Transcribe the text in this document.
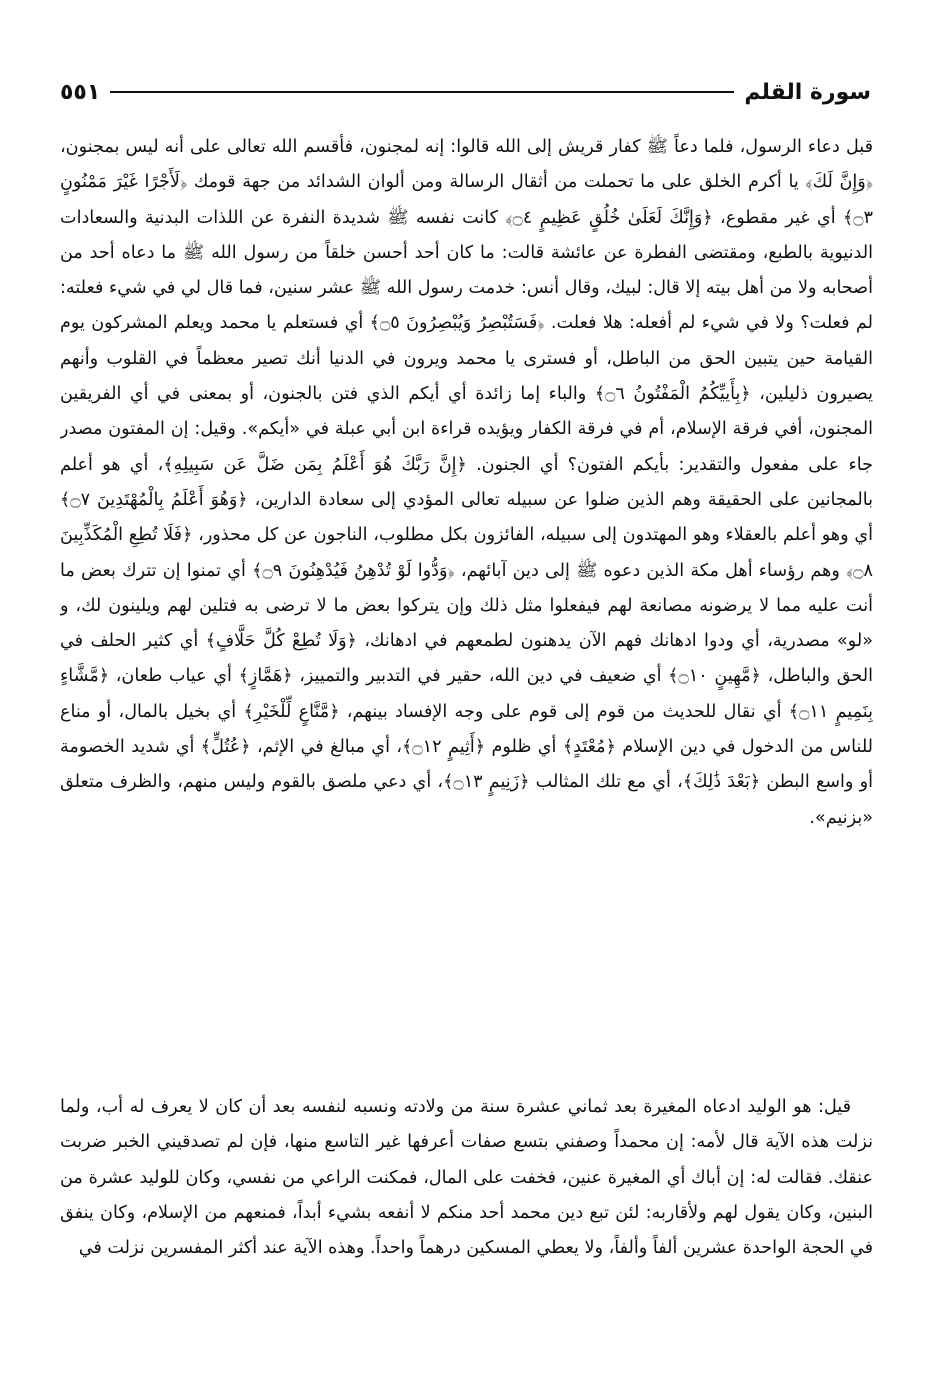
سورة القلم
٥٥١

قبل دعاء الرسول، فلما دعاً ﷺ كفار قريش إلى الله قالوا: إنه لمجنون، فأقسم الله تعالى على أنه ليس بمجنون، ﴿وَإِنَّ لَكَ﴾ يا أكرم الخلق على ما تحملت من أثقال الرسالة ومن ألوان الشدائد من جهة قومك ﴿لَأَجْرًا غَيْرَ مَمْنُونٍ ۝٣﴾ أي غير مقطوع، ﴿وَإِنَّكَ لَعَلَىٰ خُلُقٍ عَظِيمٍ ۝٤﴾ كانت نفسه ﷺ شديدة النفرة عن اللذات البدنية والسعادات الدنيوية بالطبع، ومقتضى الفطرة عن عائشة قالت: ما كان أحد أحسن خلقاً من رسول الله ﷺ ما دعاه أحد من أصحابه ولا من أهل بيته إلا قال: لبيك، وقال أنس: خدمت رسول الله ﷺ عشر سنين، فما قال لي في شيء فعلته: لم فعلت؟ ولا في شيء لم أفعله: هلا فعلت. ﴿فَسَتُبْصِرُ وَيُبْصِرُونَ ۝٥﴾ أي فستعلم يا محمد ويعلم المشركون يوم القيامة حين يتبين الحق من الباطل، أو فسترى يا محمد ويرون في الدنيا أنك تصير معظماً في القلوب وأنهم يصيرون ذليلين، ﴿بِأَييِّكُمُ الْمَفْتُونُ ۝٦﴾ والباء إما زائدة أي أيكم الذي فتن بالجنون، أو بمعنى في أي الفريقين المجنون، أفي فرقة الإسلام، أم في فرقة الكفار ويؤيده قراءة ابن أبي عبلة في «أيكم». وقيل: إن المفتون مصدر جاء على مفعول والتقدير: بأيكم الفتون؟ أي الجنون. ﴿إِنَّ رَبَّكَ هُوَ أَعْلَمُ بِمَن ضَلَّ عَن سَبِيلِهِ﴾، أي هو أعلم بالمجانين على الحقيقة وهم الذين ضلوا عن سبيله تعالى المؤدي إلى سعادة الدارين، ﴿وَهُوَ أَعْلَمُ بِالْمُهْتَدِينَ ۝٧﴾ أي وهو أعلم بالعقلاء وهو المهتدون إلى سبيله، الفائزون بكل مطلوب، الناجون عن كل محذور، ﴿فَلَا تُطِعِ الْمُكَذِّبِينَ ۝٨﴾ وهم رؤساء أهل مكة الذين دعوه ﷺ إلى دين آبائهم، ﴿وَدُّوا لَوْ تُدْهِنُ فَيُدْهِنُونَ ۝٩﴾ أي تمنوا إن تترك بعض ما أنت عليه مما لا يرضونه مصانعة لهم فيفعلوا مثل ذلك وإن يتركوا بعض ما لا ترضى به فتلين لهم ويلينون لك، و «لو» مصدرية، أي ودوا ادهانك فهم الآن يدهنون لطمعهم في ادهانك، ﴿وَلَا تُطِعْ كُلَّ حَلَّافٍ﴾ أي كثير الحلف في الحق والباطل، ﴿مَّهِينٍ ۝١٠﴾ أي ضعيف في دين الله، حقير في التدبير والتمييز، ﴿هَمَّازٍ﴾ أي عياب طعان، ﴿مَّشَّاءٍ بِنَمِيمٍ ۝١١﴾ أي نقال للحديث من قوم إلى قوم على وجه الإفساد بينهم، ﴿مَّنَّاعٍ لِّلْخَيْرِ﴾ أي بخيل بالمال، أو مناع للناس من الدخول في دين الإسلام ﴿مُعْتَدٍ﴾ أي ظلوم ﴿أَثِيمٍ ۝١٢﴾، أي مبالغ في الإثم، ﴿عُتُلٍّ﴾ أي شديد الخصومة أو واسع البطن ﴿بَعْدَ ذَٰلِكَ﴾، أي مع تلك المثالب ﴿زَنِيمٍ ۝١٣﴾، أي دعي ملصق بالقوم وليس منهم، والظرف متعلق «بزنيم».

قيل: هو الوليد ادعاه المغيرة بعد ثماني عشرة سنة من ولادته ونسبه لنفسه بعد أن كان لا يعرف له أب، ولما نزلت هذه الآية قال لأمه: إن محمداً وصفني بتسع صفات أعرفها غير التاسع منها، فإن لم تصدقيني الخبر ضربت عنقك. فقالت له: إن أباك أي المغيرة عنين، فخفت على المال، فمكنت الراعي من نفسي، وكان للوليد عشرة من البنين، وكان يقول لهم ولأقاربه: لئن تبع دين محمد أحد منكم لا أنفعه بشيء أبداً، فمنعهم من الإسلام، وكان ينفق في الحجة الواحدة عشرين ألفاً وألفاً، ولا يعطي المسكين درهماً واحداً. وهذه الآية عند أكثر المفسرين نزلت في
